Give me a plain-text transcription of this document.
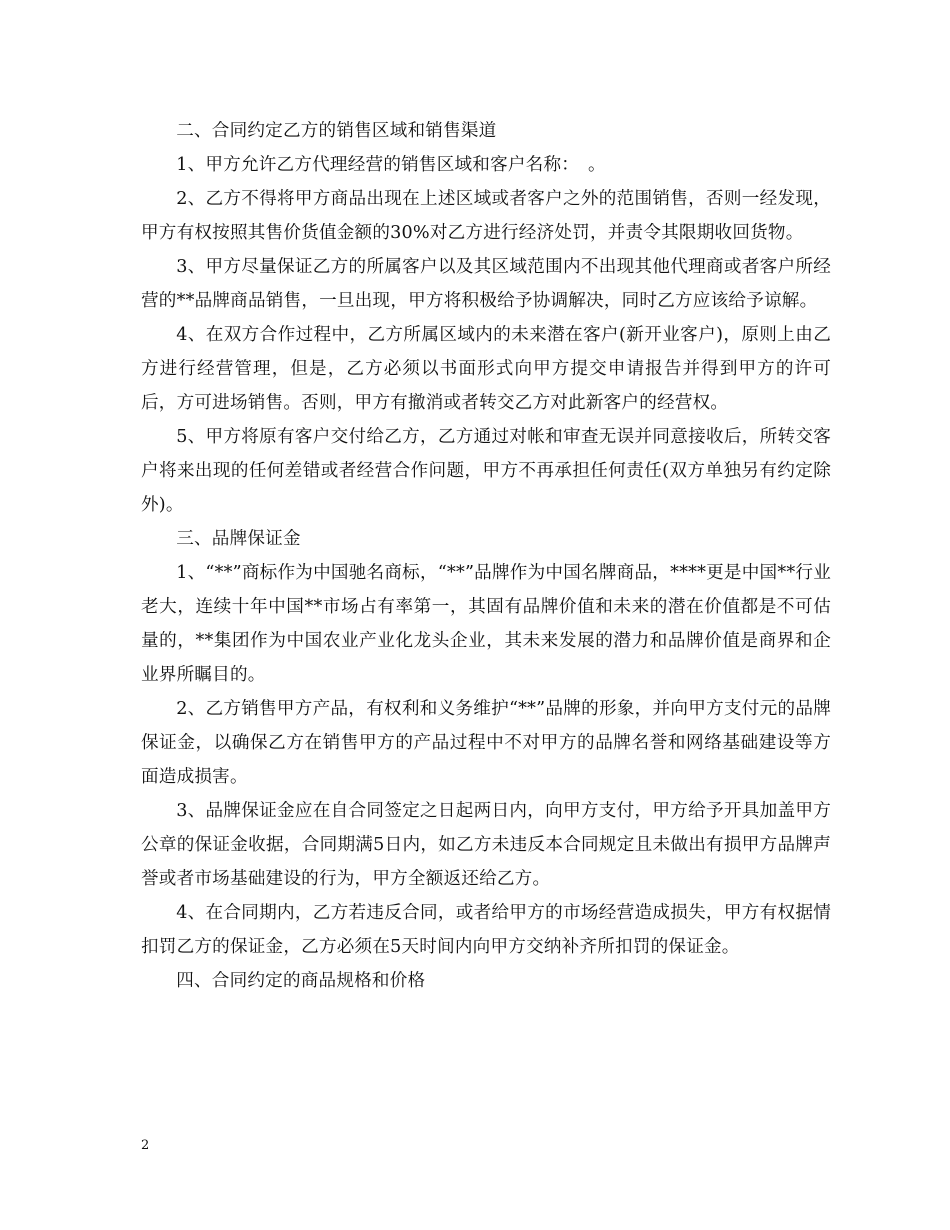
二、合同约定乙方的销售区域和销售渠道

1、甲方允许乙方代理经营的销售区域和客户名称：　。

2、乙方不得将甲方商品出现在上述区域或者客户之外的范围销售，否则一经发现，甲方有权按照其售价货值金额的30%对乙方进行经济处罚，并责令其限期收回货物。

3、甲方尽量保证乙方的所属客户以及其区域范围内不出现其他代理商或者客户所经营的**品牌商品销售，一旦出现，甲方将积极给予协调解决，同时乙方应该给予谅解。

4、在双方合作过程中，乙方所属区域内的未来潜在客户(新开业客户)，原则上由乙方进行经营管理，但是，乙方必须以书面形式向甲方提交申请报告并得到甲方的许可后，方可进场销售。否则，甲方有撤消或者转交乙方对此新客户的经营权。

5、甲方将原有客户交付给乙方，乙方通过对帐和审查无误并同意接收后，所转交客户将来出现的任何差错或者经营合作问题，甲方不再承担任何责任(双方单独另有约定除外)。

三、品牌保证金

1、“**”商标作为中国驰名商标，“**”品牌作为中国名牌商品，****更是中国**行业老大，连续十年中国**市场占有率第一，其固有品牌价值和未来的潜在价值都是不可估量的，**集团作为中国农业产业化龙头企业，其未来发展的潜力和品牌价值是商界和企业界所瞩目的。

2、乙方销售甲方产品，有权利和义务维护“**”品牌的形象，并向甲方支付元的品牌保证金，以确保乙方在销售甲方的产品过程中不对甲方的品牌名誉和网络基础建设等方面造成损害。

3、品牌保证金应在自合同签定之日起两日内，向甲方支付，甲方给予开具加盖甲方公章的保证金收据，合同期满5日内，如乙方未违反本合同规定且未做出有损甲方品牌声誉或者市场基础建设的行为，甲方全额返还给乙方。

4、在合同期内，乙方若违反合同，或者给甲方的市场经营造成损失，甲方有权据情扣罚乙方的保证金，乙方必须在5天时间内向甲方交纳补齐所扣罚的保证金。

四、合同约定的商品规格和价格

2
